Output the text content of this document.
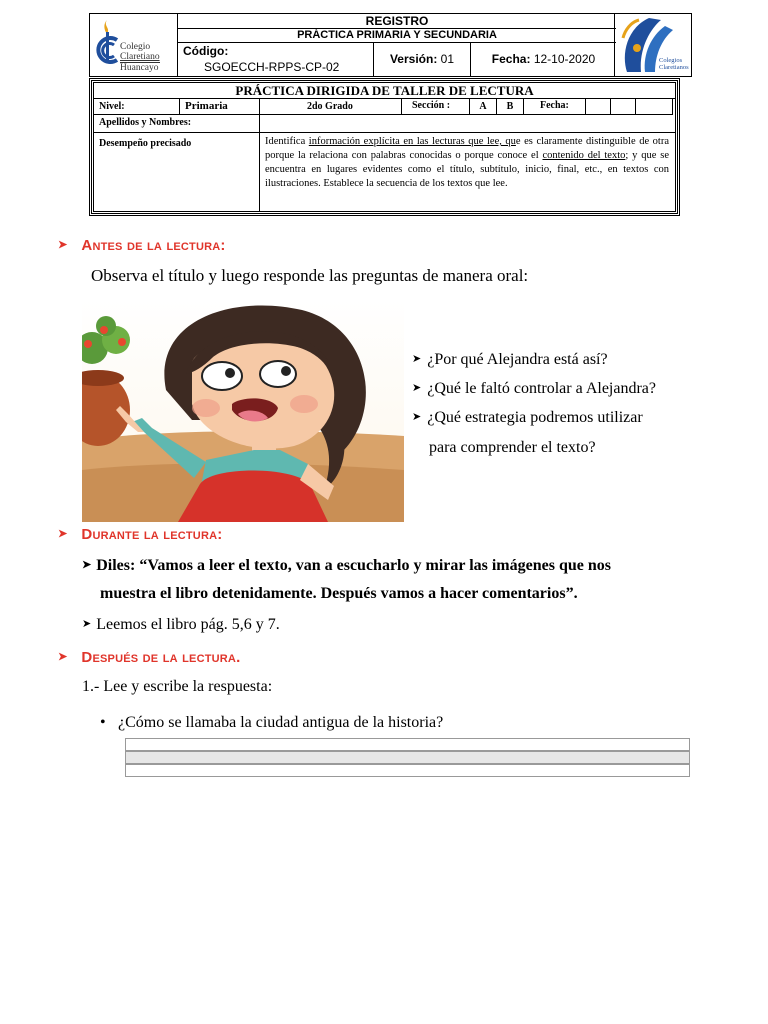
Colegio
Claretiano
Huancayo
REGISTRO
PRÁCTICA PRIMARIA Y SECUNDARIA
Código:
SGOECCH-RPPS-CP-02
Versión: 01	Fecha: 12-10-2020	Colegios Claretianos
PRÁCTICA DIRIGIDA DE TALLER DE LECTURA
Nivel:	Primaria	2do Grado	Sección :	A	B	Fecha:
Apellidos y Nombres:
Desempeño precisado	Identifica información explícita en las lecturas que lee, que es claramente distinguible de otra porque la relaciona con palabras conocidas o porque conoce el contenido del texto; y que se encuentra en lugares evidentes como el título, subtítulo, inicio, final, etc., en textos con ilustraciones. Establece la secuencia de los textos que lee.
➤ Antes de la lectura:
Observa el título y luego responde las preguntas de manera oral:
➤ ¿Por qué Alejandra está así?
➤ ¿Qué le faltó controlar a Alejandra?
➤ ¿Qué estrategia podremos utilizar
para comprender el texto?
➤ Durante la lectura:
➤ Diles: “Vamos a leer el texto, van a escucharlo y mirar las imágenes que nos
muestra el libro detenidamente. Después vamos a hacer comentarios”.
➤ Leemos el libro pág. 5,6 y 7.
➤ Después de la lectura.
1.- Lee y escribe la respuesta:
• ¿Cómo se llamaba la ciudad antigua de la historia?
